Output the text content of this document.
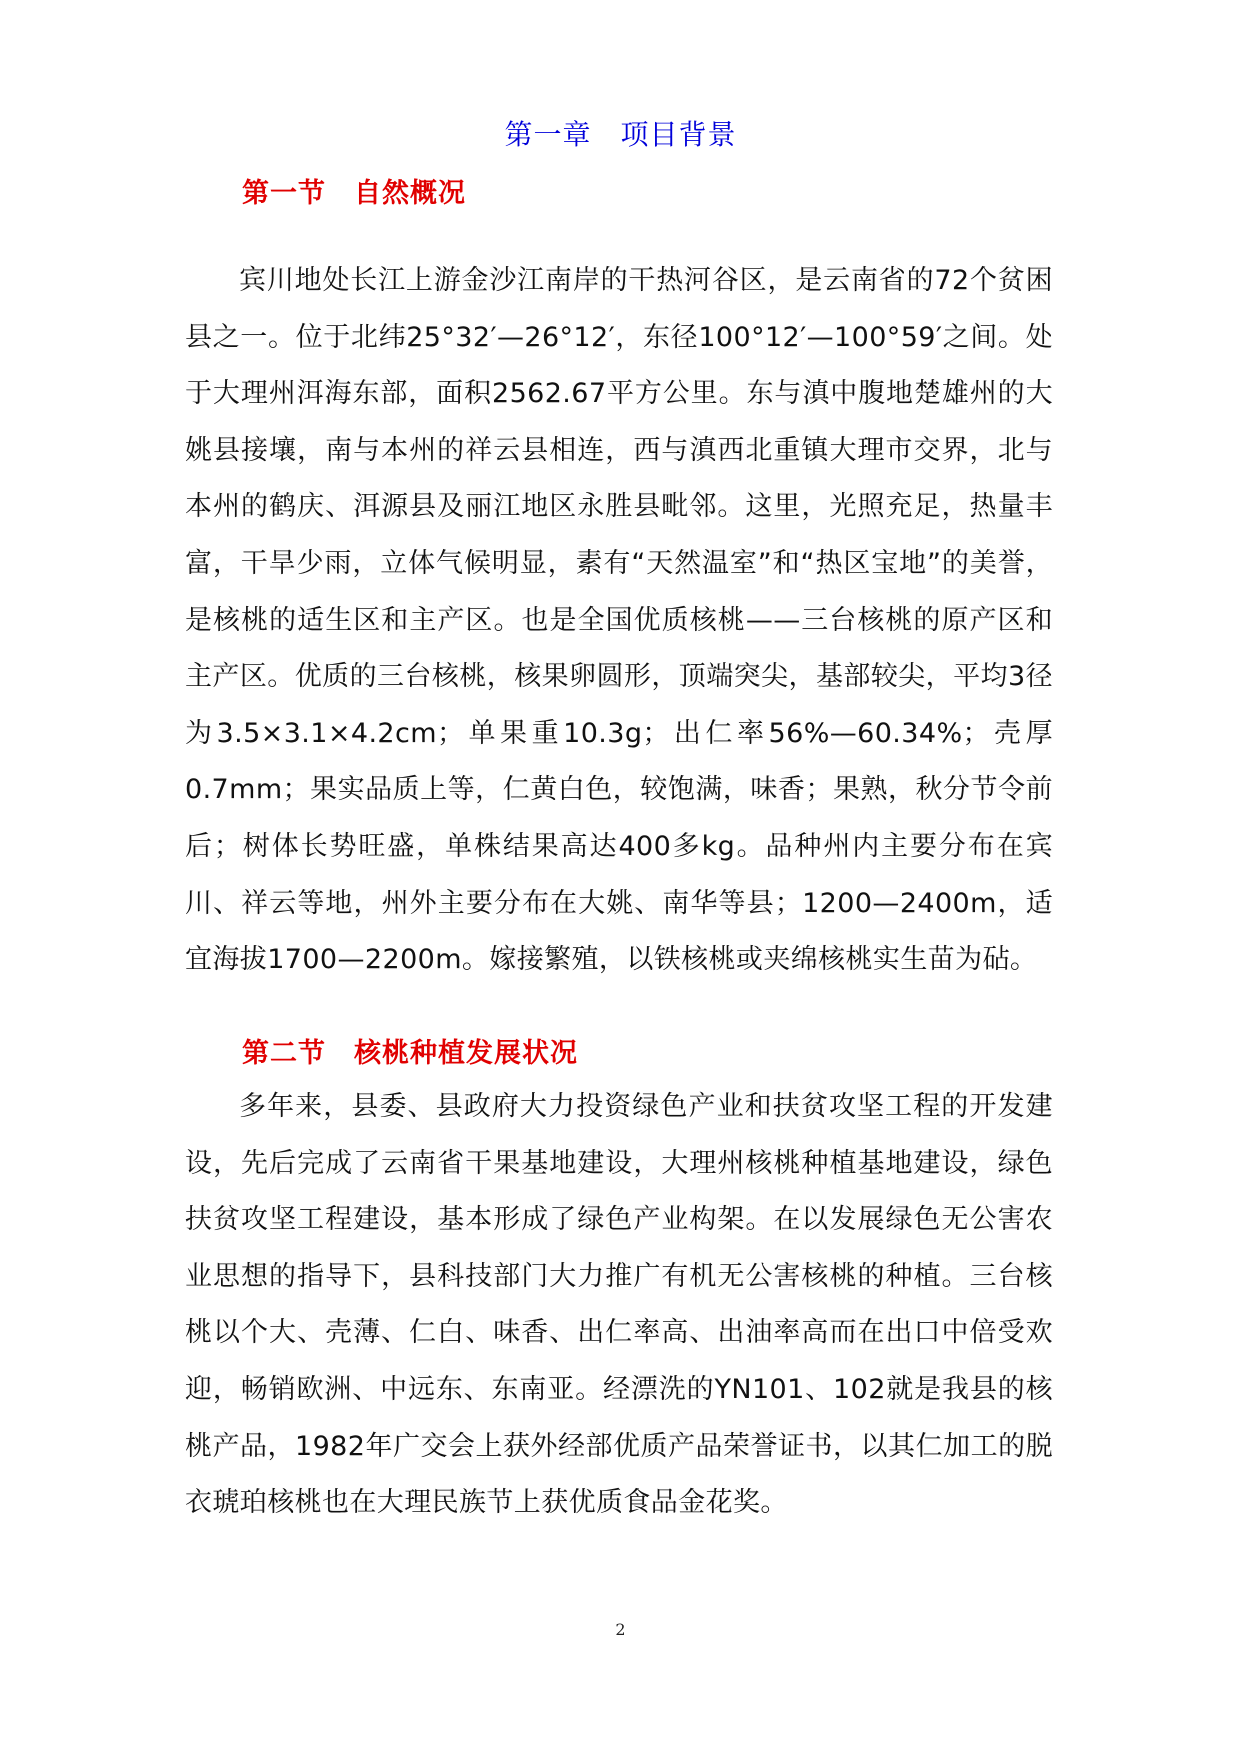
第一章　项目背景
第一节 自然概况

宾川地处长江上游金沙江南岸的干热河谷区，是云南省的72个贫困县之一。位于北纬25°32′—26°12′，东径100°12′—100°59′之间。处于大理州洱海东部，面积2562.67平方公里。东与滇中腹地楚雄州的大姚县接壤，南与本州的祥云县相连，西与滇西北重镇大理市交界，北与本州的鹤庆、洱源县及丽江地区永胜县毗邻。这里，光照充足，热量丰富，干旱少雨，立体气候明显，素有“天然温室”和“热区宝地”的美誉，是核桃的适生区和主产区。也是全国优质核桃——三台核桃的原产区和主产区。优质的三台核桃，核果卵圆形，顶端突尖，基部较尖，平均3径为3.5×3.1×4.2cm；单果重10.3g；出仁率56%—60.34%；壳厚0.7mm；果实品质上等，仁黄白色，较饱满，味香；果熟，秋分节令前后；树体长势旺盛，单株结果高达400多kg。品种州内主要分布在宾川、祥云等地，州外主要分布在大姚、南华等县；1200—2400m，适宜海拔1700—2200m。嫁接繁殖，以铁核桃或夹绵核桃实生苗为砧。

第二节 核桃种植发展状况

多年来，县委、县政府大力投资绿色产业和扶贫攻坚工程的开发建设，先后完成了云南省干果基地建设，大理州核桃种植基地建设，绿色扶贫攻坚工程建设，基本形成了绿色产业构架。在以发展绿色无公害农业思想的指导下，县科技部门大力推广有机无公害核桃的种植。三台核桃以个大、壳薄、仁白、味香、出仁率高、出油率高而在出口中倍受欢迎，畅销欧洲、中远东、东南亚。经漂洗的YN101、102就是我县的核桃产品，1982年广交会上获外经部优质产品荣誉证书，以其仁加工的脱衣琥珀核桃也在大理民族节上获优质食品金花奖。

2
